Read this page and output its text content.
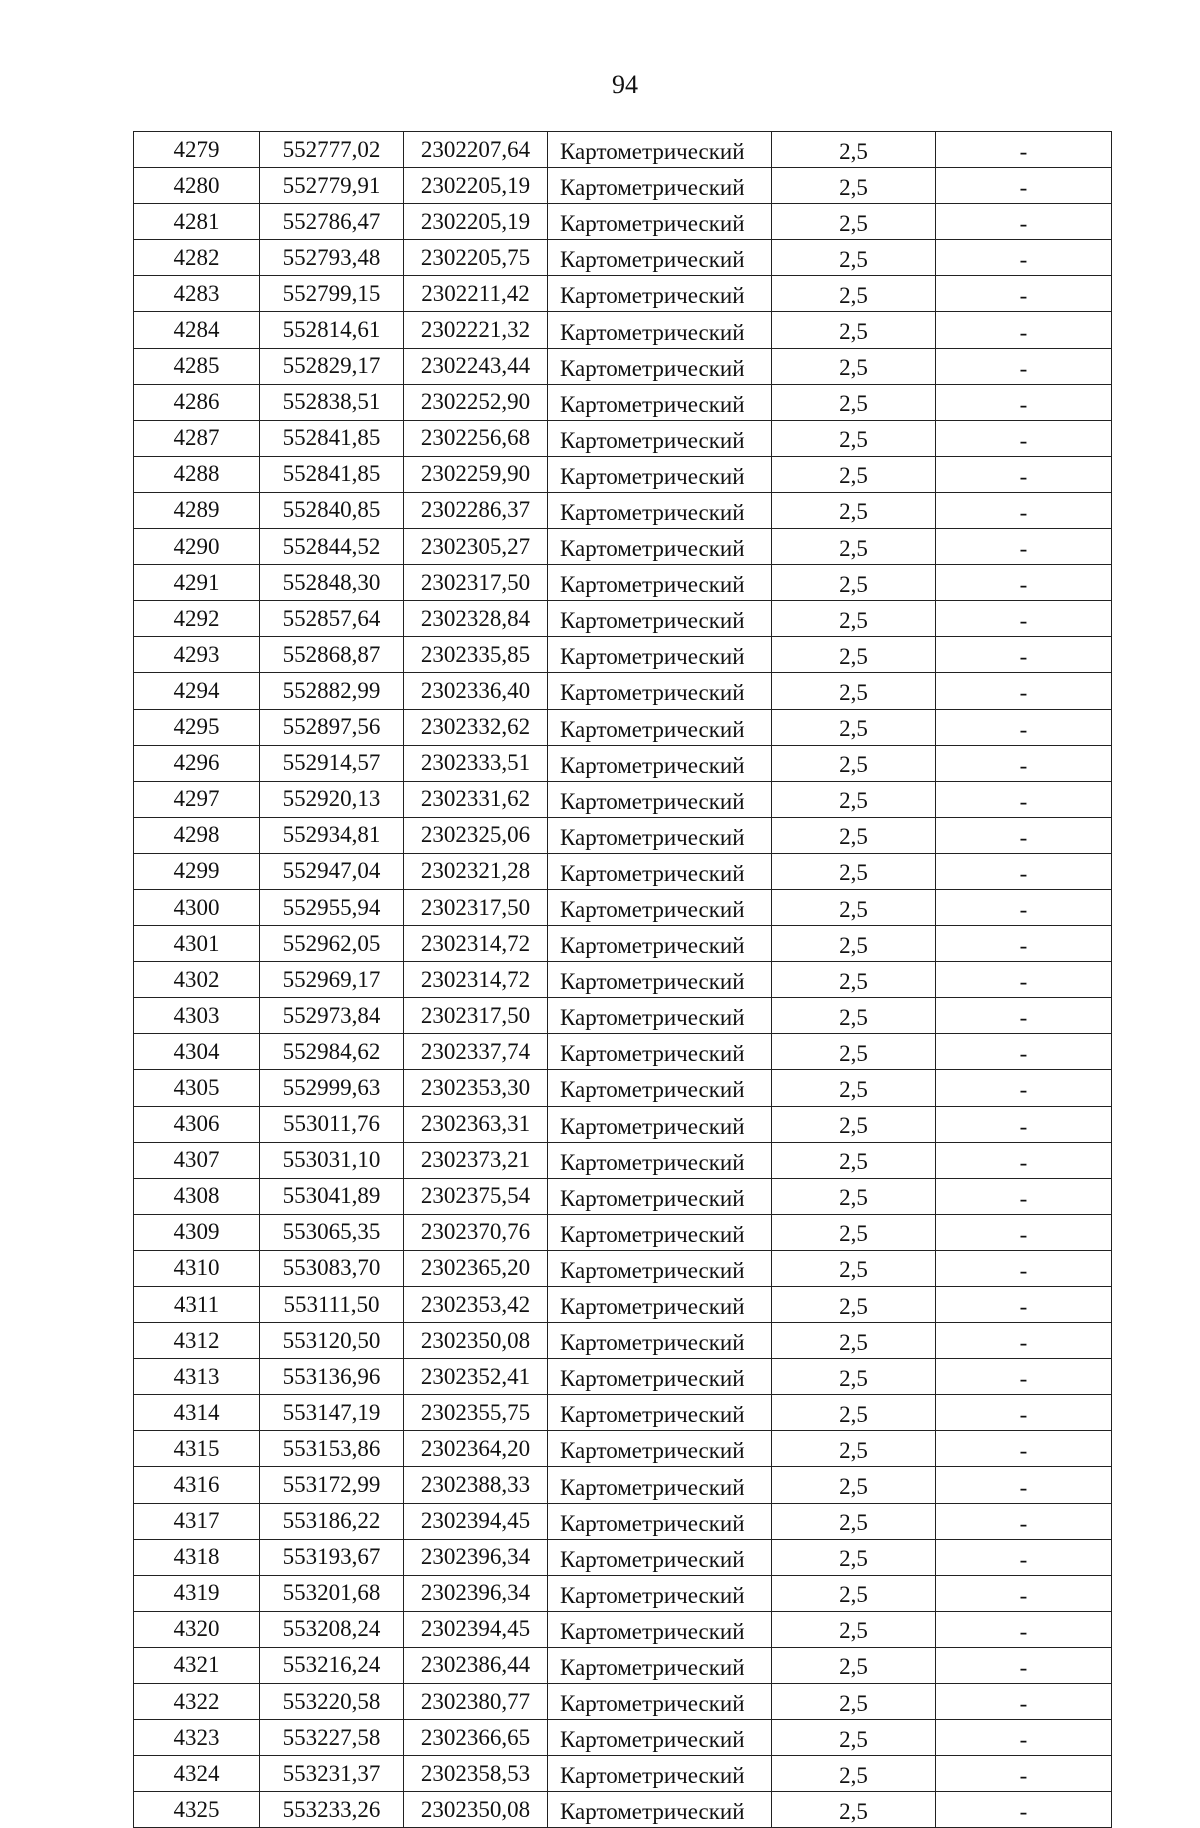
94
4279	552777,02	2302207,64	Картометрический	2,5	-
4280	552779,91	2302205,19	Картометрический	2,5	-
4281	552786,47	2302205,19	Картометрический	2,5	-
4282	552793,48	2302205,75	Картометрический	2,5	-
4283	552799,15	2302211,42	Картометрический	2,5	-
4284	552814,61	2302221,32	Картометрический	2,5	-
4285	552829,17	2302243,44	Картометрический	2,5	-
4286	552838,51	2302252,90	Картометрический	2,5	-
4287	552841,85	2302256,68	Картометрический	2,5	-
4288	552841,85	2302259,90	Картометрический	2,5	-
4289	552840,85	2302286,37	Картометрический	2,5	-
4290	552844,52	2302305,27	Картометрический	2,5	-
4291	552848,30	2302317,50	Картометрический	2,5	-
4292	552857,64	2302328,84	Картометрический	2,5	-
4293	552868,87	2302335,85	Картометрический	2,5	-
4294	552882,99	2302336,40	Картометрический	2,5	-
4295	552897,56	2302332,62	Картометрический	2,5	-
4296	552914,57	2302333,51	Картометрический	2,5	-
4297	552920,13	2302331,62	Картометрический	2,5	-
4298	552934,81	2302325,06	Картометрический	2,5	-
4299	552947,04	2302321,28	Картометрический	2,5	-
4300	552955,94	2302317,50	Картометрический	2,5	-
4301	552962,05	2302314,72	Картометрический	2,5	-
4302	552969,17	2302314,72	Картометрический	2,5	-
4303	552973,84	2302317,50	Картометрический	2,5	-
4304	552984,62	2302337,74	Картометрический	2,5	-
4305	552999,63	2302353,30	Картометрический	2,5	-
4306	553011,76	2302363,31	Картометрический	2,5	-
4307	553031,10	2302373,21	Картометрический	2,5	-
4308	553041,89	2302375,54	Картометрический	2,5	-
4309	553065,35	2302370,76	Картометрический	2,5	-
4310	553083,70	2302365,20	Картометрический	2,5	-
4311	553111,50	2302353,42	Картометрический	2,5	-
4312	553120,50	2302350,08	Картометрический	2,5	-
4313	553136,96	2302352,41	Картометрический	2,5	-
4314	553147,19	2302355,75	Картометрический	2,5	-
4315	553153,86	2302364,20	Картометрический	2,5	-
4316	553172,99	2302388,33	Картометрический	2,5	-
4317	553186,22	2302394,45	Картометрический	2,5	-
4318	553193,67	2302396,34	Картометрический	2,5	-
4319	553201,68	2302396,34	Картометрический	2,5	-
4320	553208,24	2302394,45	Картометрический	2,5	-
4321	553216,24	2302386,44	Картометрический	2,5	-
4322	553220,58	2302380,77	Картометрический	2,5	-
4323	553227,58	2302366,65	Картометрический	2,5	-
4324	553231,37	2302358,53	Картометрический	2,5	-
4325	553233,26	2302350,08	Картометрический	2,5	-
